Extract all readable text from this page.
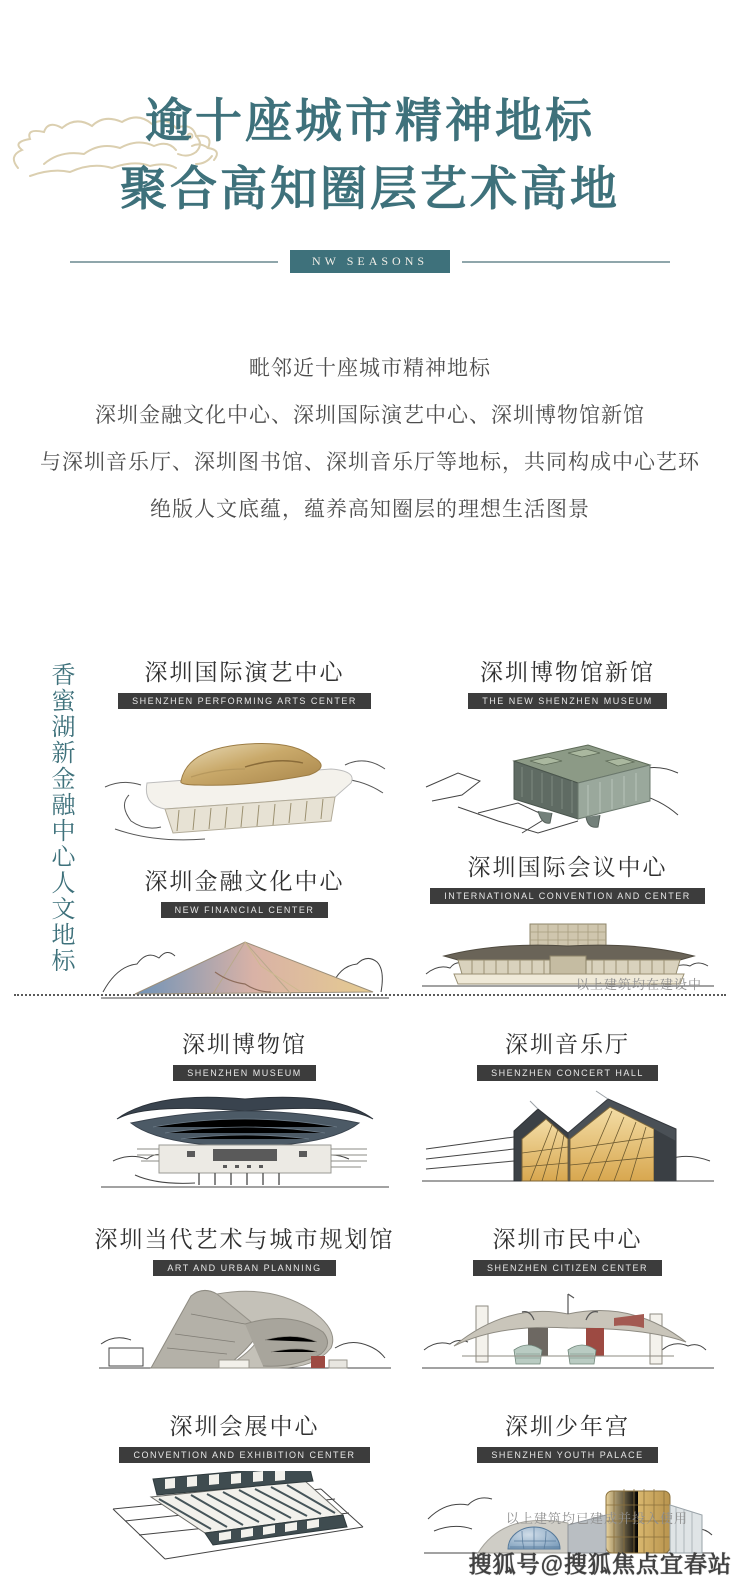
逾十座城市精神地标
聚合高知圈层艺术高地
NW SEASONS
毗邻近十座城市精神地标
深圳金融文化中心、深圳国际演艺中心、深圳博物馆新馆
与深圳音乐厅、深圳图书馆、深圳音乐厅等地标，共同构成中心艺环
绝版人文底蕴，蕴养高知圈层的理想生活图景
香蜜湖新金融中心人文地标	深圳国际演艺中心
SHENZHEN PERFORMING ARTS CENTER
深圳博物馆新馆
THE NEW SHENZHEN MUSEUM
深圳金融文化中心
NEW FINANCIAL CENTER
深圳国际会议中心
INTERNATIONAL CONVENTION AND CENTER
以上建筑均在建设中
深圳博物馆
SHENZHEN MUSEUM
深圳音乐厅
SHENZHEN CONCERT HALL
深圳当代艺术与城市规划馆
ART AND URBAN PLANNING
深圳市民中心
SHENZHEN CITIZEN CENTER
深圳会展中心
CONVENTION AND EXHIBITION CENTER
深圳少年宫
SHENZHEN YOUTH PALACE
以上建筑均已建成并投入使用
搜狐号@搜狐焦点宜春站
